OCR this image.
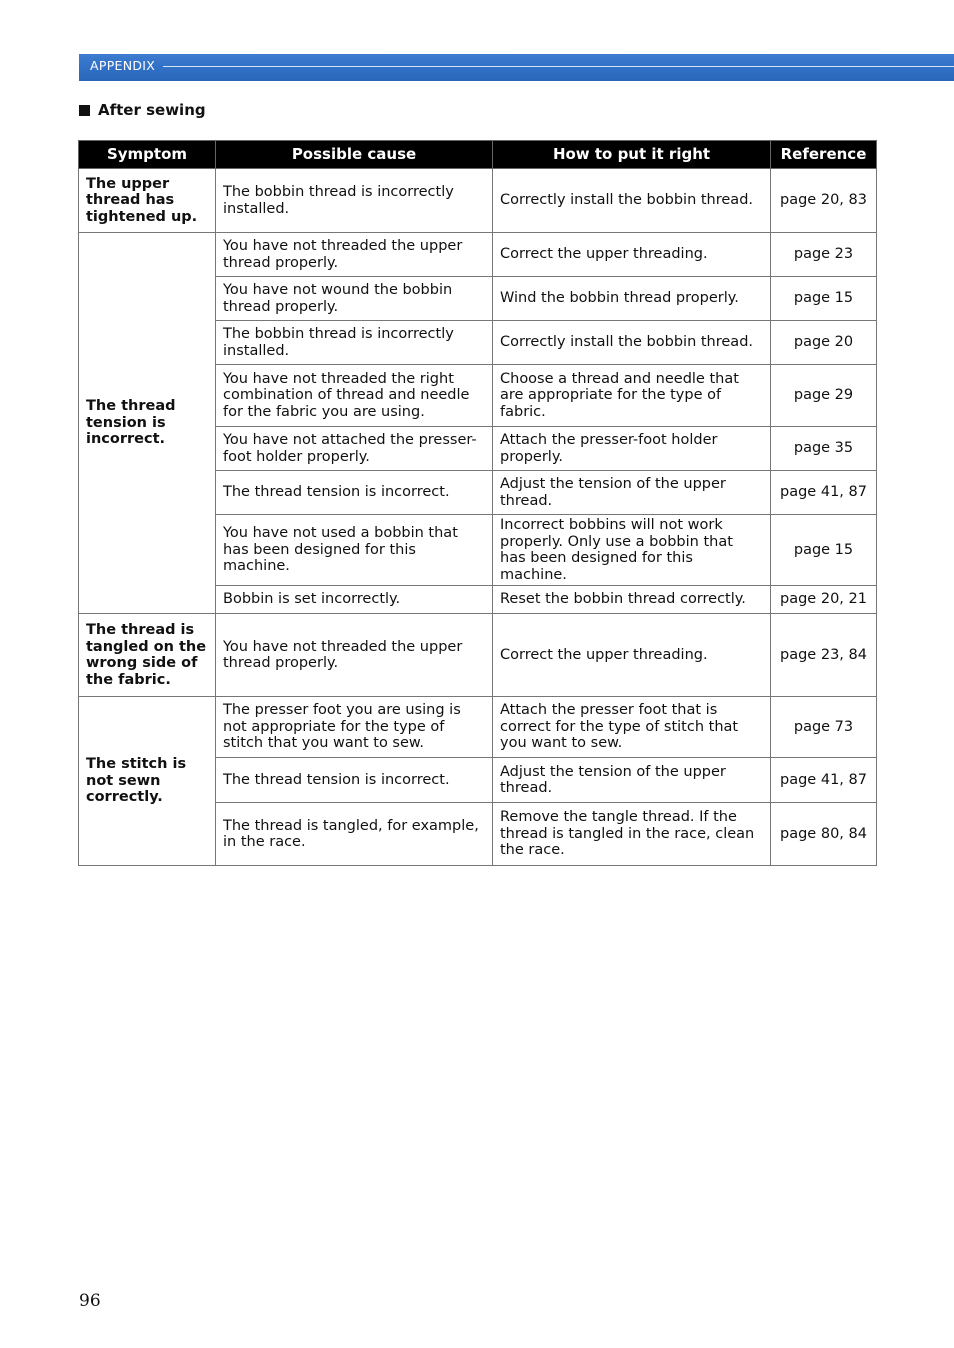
APPENDIX
After sewing
Symptom	Possible cause	How to put it right	Reference
The upper thread has tightened up.	The bobbin thread is incorrectly installed.	Correctly install the bobbin thread.	page 20, 83
The thread tension is incorrect.	You have not threaded the upper thread properly.	Correct the upper threading.	page 23
	You have not wound the bobbin thread properly.	Wind the bobbin thread properly.	page 15
	The bobbin thread is incorrectly installed.	Correctly install the bobbin thread.	page 20
	You have not threaded the right combination of thread and needle for the fabric you are using.	Choose a thread and needle that are appropriate for the type of fabric.	page 29
	You have not attached the presser-foot holder properly.	Attach the presser-foot holder properly.	page 35
	The thread tension is incorrect.	Adjust the tension of the upper thread.	page 41, 87
	You have not used a bobbin that has been designed for this machine.	Incorrect bobbins will not work properly. Only use a bobbin that has been designed for this machine.	page 15
	Bobbin is set incorrectly.	Reset the bobbin thread correctly.	page 20, 21
The thread is tangled on the wrong side of the fabric.	You have not threaded the upper thread properly.	Correct the upper threading.	page 23, 84
The stitch is not sewn correctly.	The presser foot you are using is not appropriate for the type of stitch that you want to sew.	Attach the presser foot that is correct for the type of stitch that you want to sew.	page 73
	The thread tension is incorrect.	Adjust the tension of the upper thread.	page 41, 87
	The thread is tangled, for example, in the race.	Remove the tangle thread. If the thread is tangled in the race, clean the race.	page 80, 84
96
